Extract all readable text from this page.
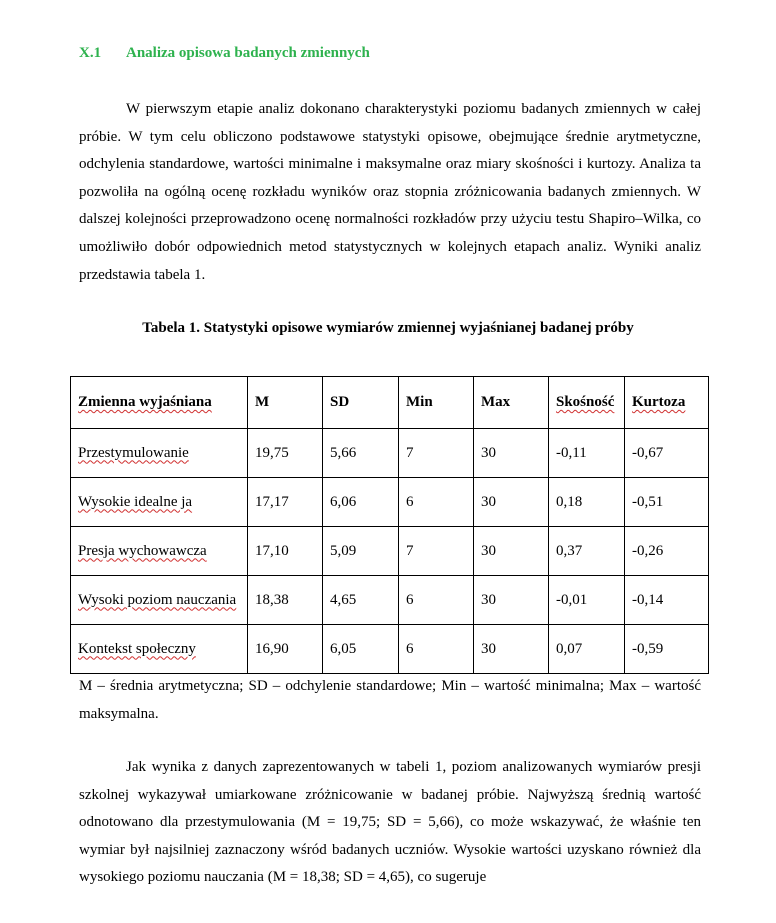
X.1 Analiza opisowa badanych zmiennych

W pierwszym etapie analiz dokonano charakterystyki poziomu badanych zmiennych w całej próbie. W tym celu obliczono podstawowe statystyki opisowe, obejmujące średnie arytmetyczne, odchylenia standardowe, wartości minimalne i maksymalne oraz miary skośności i kurtozy. Analiza ta pozwoliła na ogólną ocenę rozkładu wyników oraz stopnia zróżnicowania badanych zmiennych. W dalszej kolejności przeprowadzono ocenę normalności rozkładów przy użyciu testu Shapiro–Wilka, co umożliwiło dobór odpowiednich metod statystycznych w kolejnych etapach analiz. Wyniki analiz przedstawia tabela 1.

Tabela 1. Statystyki opisowe wymiarów zmiennej wyjaśnianej badanej próby
Zmienna wyjaśniana	M	SD	Min	Max	Skośność	Kurtoza
Przestymulowanie	19,75	5,66	7	30	-0,11	-0,67
Wysokie idealne ja	17,17	6,06	6	30	0,18	-0,51
Presja wychowawcza	17,10	5,09	7	30	0,37	-0,26
Wysoki poziom nauczania	18,38	4,65	6	30	-0,01	-0,14
Kontekst społeczny	16,90	6,05	6	30	0,07	-0,59

M – średnia arytmetyczna; SD – odchylenie standardowe; Min – wartość minimalna; Max – wartość maksymalna.

Jak wynika z danych zaprezentowanych w tabeli 1, poziom analizowanych wymiarów presji szkolnej wykazywał umiarkowane zróżnicowanie w badanej próbie. Najwyższą średnią wartość odnotowano dla przestymulowania (M = 19,75; SD = 5,66), co może wskazywać, że właśnie ten wymiar był najsilniej zaznaczony wśród badanych uczniów. Wysokie wartości uzyskano również dla wysokiego poziomu nauczania (M = 18,38; SD = 4,65), co sugeruje
